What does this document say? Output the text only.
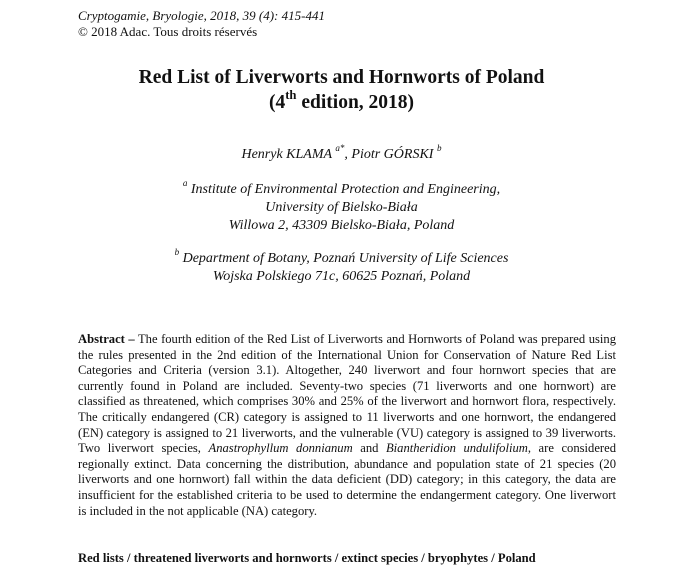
Cryptogamie, Bryologie, 2018, 39 (4): 415-441
© 2018 Adac. Tous droits réservés
Red List of Liverworts and Hornworts of Poland
(4th edition, 2018)
Henryk KLAMA $^{a*}$, Piotr GÓRSKI $^b$
$^a$ Institute of Environmental Protection and Engineering,
University of Bielsko-Biała
Willowa 2, 43309 Bielsko-Biała, Poland
$^b$ Department of Botany, Poznań University of Life Sciences
Wojska Polskiego 71c, 60625 Poznań, Poland
Abstract – The fourth edition of the Red List of Liverworts and Hornworts of Poland was prepared using the rules presented in the 2nd edition of the International Union for Conservation of Nature Red List Categories and Criteria (version 3.1). Altogether, 240 liverwort and four hornwort species that are currently found in Poland are included. Seventy-two species (71 liverworts and one hornwort) are classified as threatened, which comprises 30% and 25% of the liverwort and hornwort flora, respectively. The critically endangered (CR) category is assigned to 11 liverworts and one hornwort, the endangered (EN) category is assigned to 21 liverworts, and the vulnerable (VU) category is assigned to 39 liverworts. Two liverwort species, Anastrophyllum donnianum and Biantheridion undulifolium, are considered regionally extinct. Data concerning the distribution, abundance and population state of 21 species (20 liverworts and one hornwort) fall within the data deficient (DD) category; in this category, the data are insufficient for the established criteria to be used to determine the endangerment category. One liverwort is included in the not applicable (NA) category.
Red lists / threatened liverworts and hornworts / extinct species / bryophytes / Poland
